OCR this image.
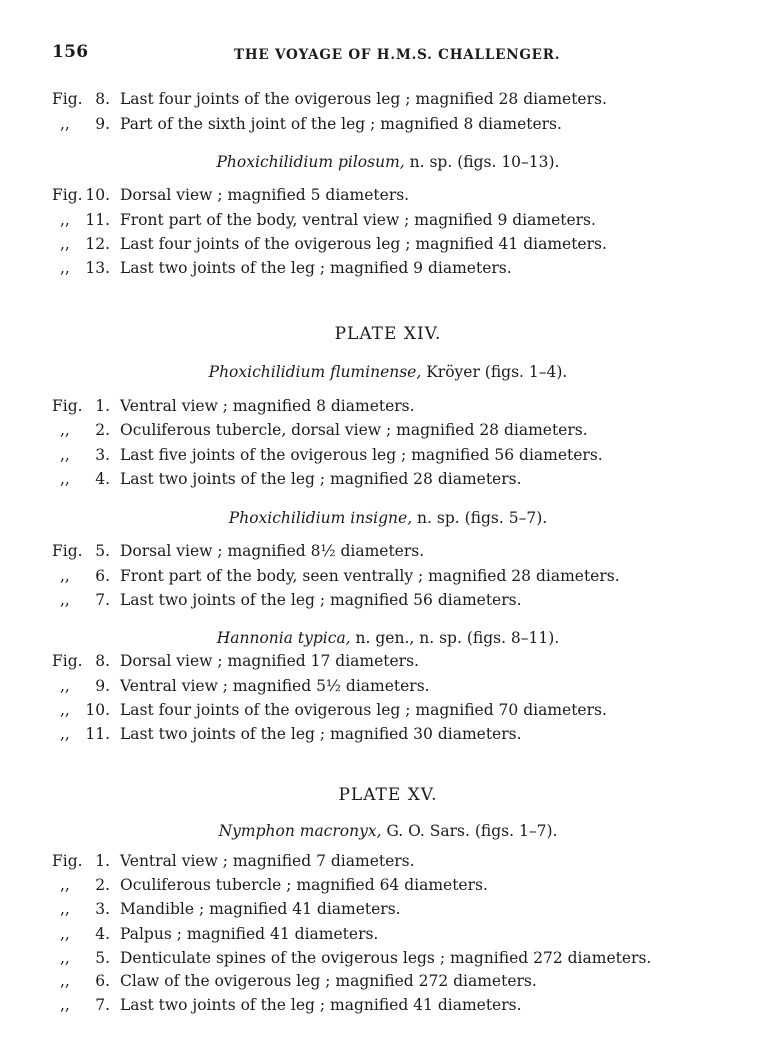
156	THE VOYAGE OF H.M.S. CHALLENGER.
Fig. 8. Last four joints of the ovigerous leg ; magnified 28 diameters.
,,	9. Part of the sixth joint of the leg ; magnified 8 diameters.
Phoxichilidium pilosum, n. sp. (figs. 10–13).
Fig. 10. Dorsal view ; magnified 5 diameters.
,, 11. Front part of the body, ventral view ; magnified 9 diameters.
,, 12. Last four joints of the ovigerous leg ; magnified 41 diameters.
,, 13. Last two joints of the leg ; magnified 9 diameters.
PLATE XIV.
Phoxichilidium fluminense, Kröyer (figs. 1–4).
Fig. 1. Ventral view ; magnified 8 diameters.
,,	2. Oculiferous tubercle, dorsal view ; magnified 28 diameters.
,,	3. Last five joints of the ovigerous leg ; magnified 56 diameters.
,,	4. Last two joints of the leg ; magnified 28 diameters.
Phoxichilidium insigne, n. sp. (figs. 5–7).
Fig. 5. Dorsal view ; magnified 8½ diameters.
,,	6. Front part of the body, seen ventrally ; magnified 28 diameters.
,,	7. Last two joints of the leg ; magnified 56 diameters.
Hannonia typica, n. gen., n. sp. (figs. 8–11).
Fig. 8. Dorsal view ; magnified 17 diameters.
,,	9. Ventral view ; magnified 5½ diameters.
,, 10. Last four joints of the ovigerous leg ; magnified 70 diameters.
,, 11. Last two joints of the leg ; magnified 30 diameters.
PLATE XV.
Nymphon macronyx, G. O. Sars. (figs. 1–7).
Fig. 1. Ventral view ; magnified 7 diameters.
,,	2. Oculiferous tubercle ; magnified 64 diameters.
,,	3. Mandible ; magnified 41 diameters.
,,	4. Palpus ; magnified 41 diameters.
,,	5. Denticulate spines of the ovigerous legs ; magnified 272 diameters.
,,	6. Claw of the ovigerous leg ; magnified 272 diameters.
,,	7. Last two joints of the leg ; magnified 41 diameters.
